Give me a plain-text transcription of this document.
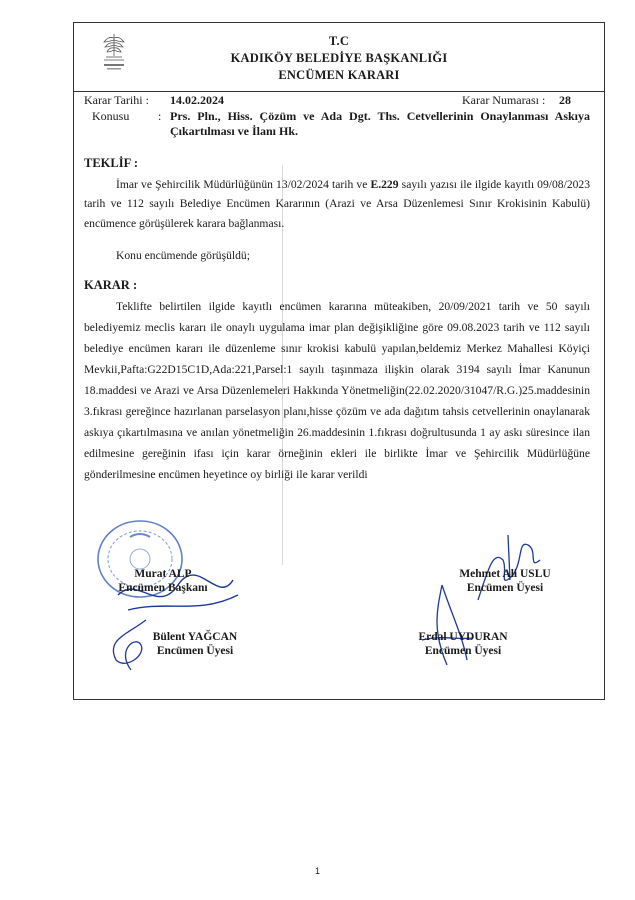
T.C
KADIKÖY BELEDİYE BAŞKANLIĞI
ENCÜMEN KARARI
Karar Tarihi : 14.02.2024	Karar Numarası : 28
Konusu : Prs. Pln., Hiss. Çözüm ve Ada Dgt. Ths. Cetvellerinin Onaylanması Askıya
Çıkartılması ve İlanı Hk.
TEKLİF :
İmar ve Şehircilik Müdürlüğünün 13/02/2024 tarih ve E.229 sayılı yazısı ile ilgide kayıtlı 09/08/2023 tarih ve 112 sayılı Belediye Encümen Kararının (Arazi ve Arsa Düzenlemesi Sınır Krokisinin Kabulü) encümence görüşülerek karara bağlanması.
Konu encümende görüşüldü;
KARAR :
Teklifte belirtilen ilgide kayıtlı encümen kararına müteakiben, 20/09/2021 tarih ve 50 sayılı belediyemiz meclis kararı ile onaylı uygulama imar plan değişikliğine göre 09.08.2023 tarih ve 112 sayılı belediye encümen kararı ile düzenleme sınır krokisi kabulü yapılan,beldemiz Merkez Mahallesi Köyiçi Mevkii,Pafta:G22D15C1D,Ada:221,Parsel:1 sayılı taşınmaza ilişkin olarak 3194 sayılı İmar Kanunun 18.maddesi ve Arazi ve Arsa Düzenlemeleri Hakkında Yönetmeliğin(22.02.2020/31047/R.G.)25.maddesinin 3.fıkrası gereğince hazırlanan parselasyon planı,hisse çözüm ve ada dağıtım tahsis cetvellerinin onaylanarak askıya çıkartılmasına ve anılan yönetmeliğin 26.maddesinin 1.fıkrası doğrultusunda 1 ay askı süresince ilan edilmesine gereğinin ifası için karar örneğinin ekleri ile birlikte İmar ve Şehircilik Müdürlüğüne gönderilmesine encümen heyetince oy birliği ile karar verildi
Murat ALP
Encümen Başkanı
Mehmet Ali USLU
Encümen Üyesi
Bülent YAĞCAN
Encümen Üyesi
Erdal UYDURAN
Encümen Üyesi
1
